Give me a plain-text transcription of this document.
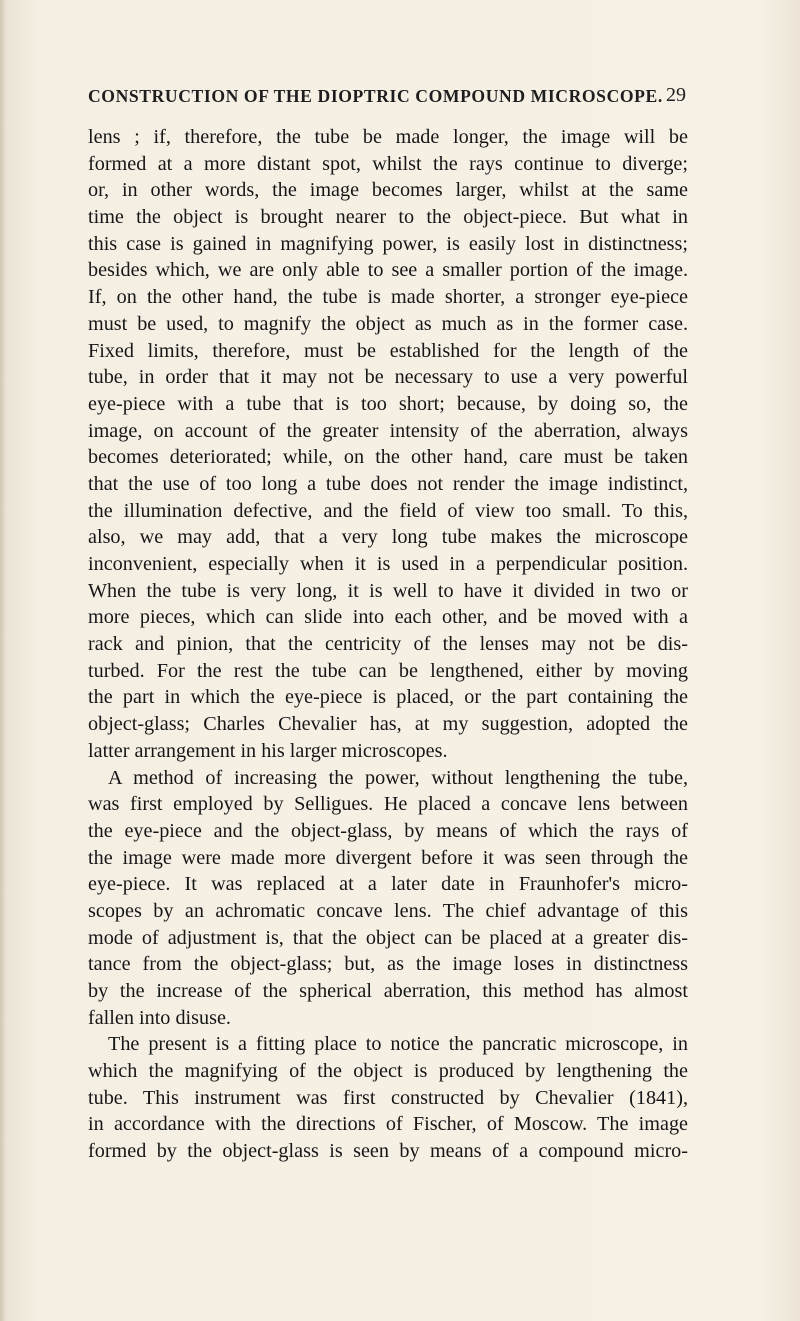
CONSTRUCTION OF THE DIOPTRIC COMPOUND MICROSCOPE. 29
lens ; if, therefore, the tube be made longer, the image will be
formed at a more distant spot, whilst the rays continue to diverge;
or, in other words, the image becomes larger, whilst at the same
time the object is brought nearer to the object-piece. But what in
this case is gained in magnifying power, is easily lost in distinctness;
besides which, we are only able to see a smaller portion of the image.
If, on the other hand, the tube is made shorter, a stronger eye-piece
must be used, to magnify the object as much as in the former case.
Fixed limits, therefore, must be established for the length of the
tube, in order that it may not be necessary to use a very powerful
eye-piece with a tube that is too short; because, by doing so, the
image, on account of the greater intensity of the aberration, always
becomes deteriorated; while, on the other hand, care must be taken
that the use of too long a tube does not render the image indistinct,
the illumination defective, and the field of view too small. To this,
also, we may add, that a very long tube makes the microscope
inconvenient, especially when it is used in a perpendicular position.
When the tube is very long, it is well to have it divided in two or
more pieces, which can slide into each other, and be moved with a
rack and pinion, that the centricity of the lenses may not be dis-
turbed. For the rest the tube can be lengthened, either by moving
the part in which the eye-piece is placed, or the part containing the
object-glass; Charles Chevalier has, at my suggestion, adopted the
latter arrangement in his larger microscopes.
A method of increasing the power, without lengthening the tube,
was first employed by Selligues. He placed a concave lens between
the eye-piece and the object-glass, by means of which the rays of
the image were made more divergent before it was seen through the
eye-piece. It was replaced at a later date in Fraunhofer's micro-
scopes by an achromatic concave lens. The chief advantage of this
mode of adjustment is, that the object can be placed at a greater dis-
tance from the object-glass; but, as the image loses in distinctness
by the increase of the spherical aberration, this method has almost
fallen into disuse.
The present is a fitting place to notice the pancratic microscope, in
which the magnifying of the object is produced by lengthening the
tube. This instrument was first constructed by Chevalier (1841),
in accordance with the directions of Fischer, of Moscow. The image
formed by the object-glass is seen by means of a compound micro-
